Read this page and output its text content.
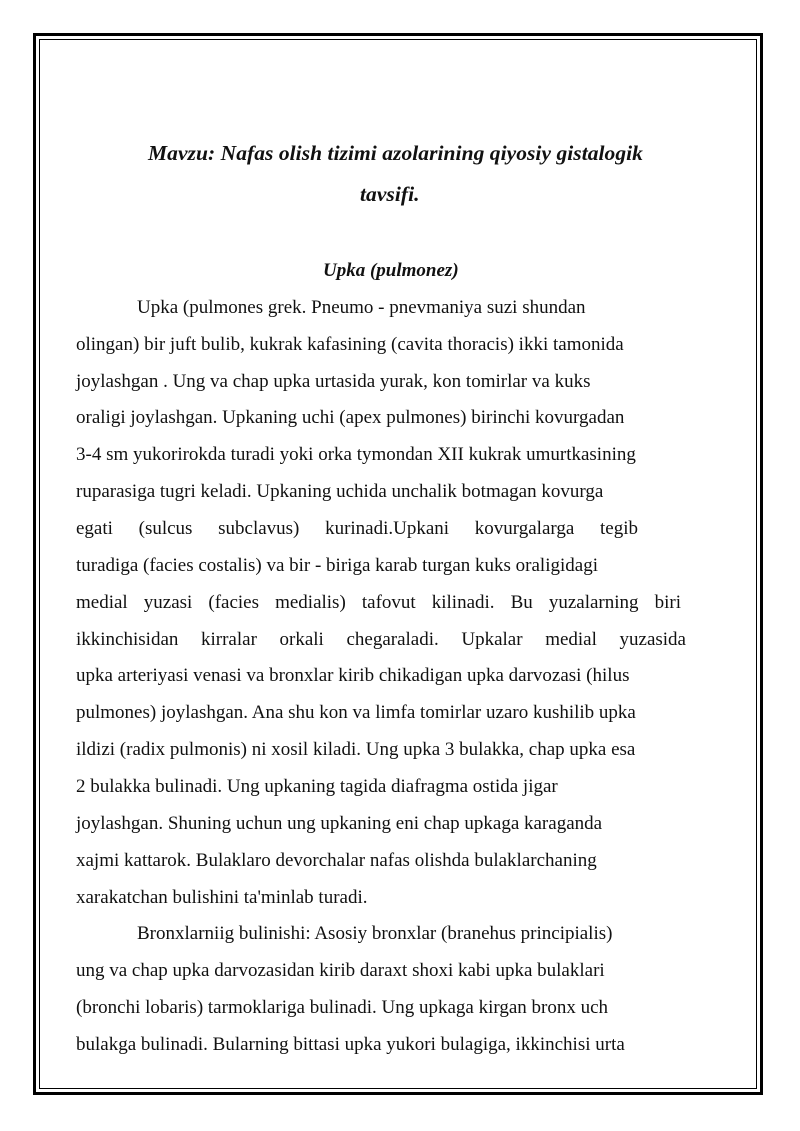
Mavzu: Nafas olish tizimi azolarining qiyosiy gistalogik
tavsifi.
Upka (pulmonez)
Upka (pulmones grek. Pneumo - pnevmaniya suzi shundan
olingan) bir juft bulib, kukrak kafasining (cavita thoracis) ikki tamonida
joylashgan . Ung va chap upka urtasida yurak, kon tomirlar va kuks
oraligi joylashgan. Upkaning uchi (apex pulmones) birinchi kovurgadan
3-4 sm yukorirokda turadi yoki orka tymondan XII kukrak umurtkasining
ruparasiga tugri keladi. Upkaning uchida unchalik botmagan kovurga
egati (sulcus subclavus) kurinadi.Upkani kovurgalarga tegib
turadiga (facies costalis) va bir - biriga karab turgan kuks oraligidagi
medial yuzasi (facies medialis) tafovut kilinadi. Bu yuzalarning biri
ikkinchisidan kirralar orkali chegaraladi. Upkalar medial yuzasida
upka arteriyasi venasi va bronxlar kirib chikadigan upka darvozasi (hilus
pulmones) joylashgan. Ana shu kon va limfa tomirlar uzaro kushilib upka
ildizi (radix pulmonis) ni xosil kiladi. Ung upka 3 bulakka, chap upka esa
2 bulakka bulinadi. Ung upkaning tagida diafragma ostida jigar
joylashgan. Shuning uchun ung upkaning eni chap upkaga karaganda
xajmi kattarok. Bulaklaro devorchalar nafas olishda bulaklarchaning
xarakatchan bulishini ta'minlab turadi.
Bronxlarniig bulinishi: Asosiy bronxlar (branehus principialis)
ung va chap upka darvozasidan kirib daraxt shoxi kabi upka bulaklari
(bronchi lobaris) tarmoklariga bulinadi. Ung upkaga kirgan bronx uch
bulakga bulinadi. Bularning bittasi upka yukori bulagiga, ikkinchisi urta
